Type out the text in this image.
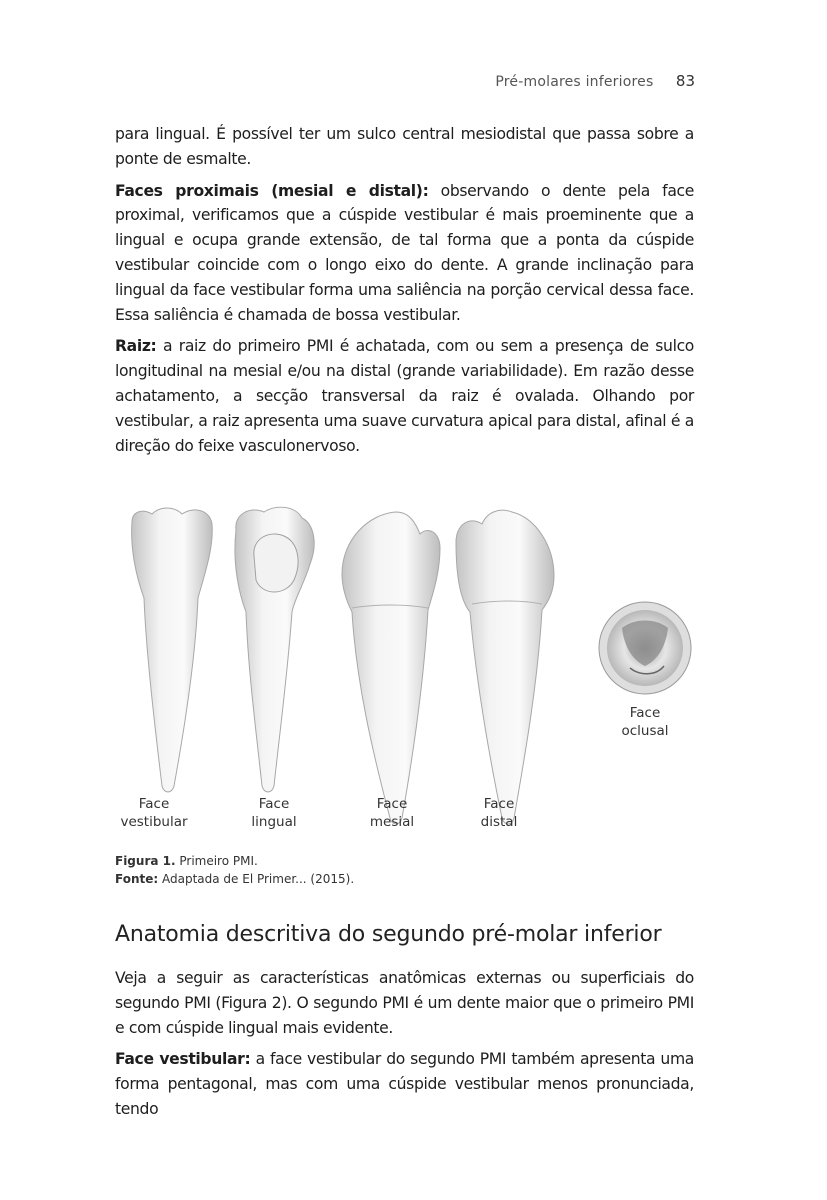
Pré-molares inferiores 83

para lingual. É possível ter um sulco central mesiodistal que passa sobre a ponte de esmalte.

Faces proximais (mesial e distal): observando o dente pela face proximal, verificamos que a cúspide vestibular é mais proeminente que a lingual e ocupa grande extensão, de tal forma que a ponta da cúspide vestibular coincide com o longo eixo do dente. A grande inclinação para lingual da face vestibular forma uma saliência na porção cervical dessa face. Essa saliência é chamada de bossa vestibular.

Raiz: a raiz do primeiro PMI é achatada, com ou sem a presença de sulco longitudinal na mesial e/ou na distal (grande variabilidade). Em razão desse achatamento, a secção transversal da raiz é ovalada. Olhando por vestibular, a raiz apresenta uma suave curvatura apical para distal, afinal é a direção do feixe vasculonervoso.

Face
vestibular
Face
lingual
Face
mesial
Face
distal
Face
oclusal
Figura 1. Primeiro PMI.
Fonte: Adaptada de El Primer... (2015).
Anatomia descritiva do segundo pré-molar inferior

Veja a seguir as características anatômicas externas ou superficiais do segundo PMI (Figura 2). O segundo PMI é um dente maior que o primeiro PMI e com cúspide lingual mais evidente.

Face vestibular: a face vestibular do segundo PMI também apresenta uma forma pentagonal, mas com uma cúspide vestibular menos pronunciada, tendo
